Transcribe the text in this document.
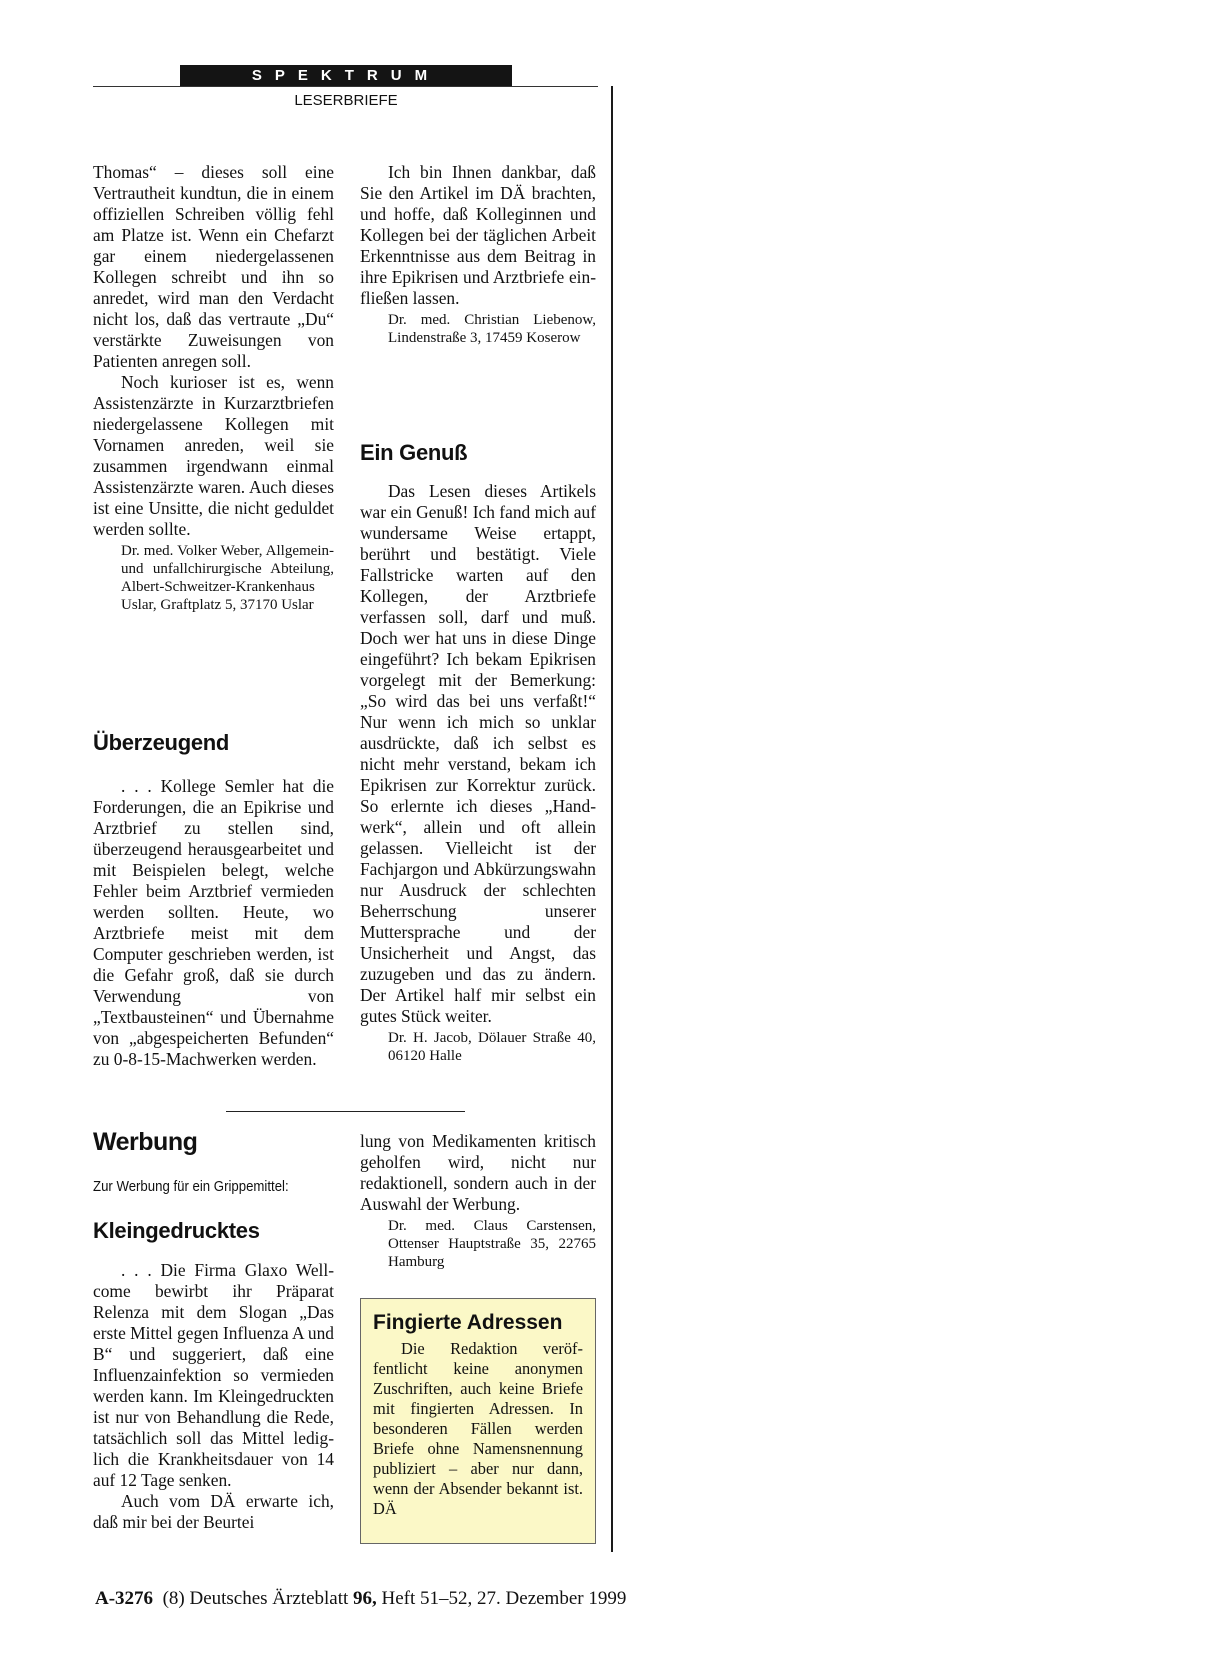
SPEKTRUM
LESERBRIEFE

Thomas“ – dieses soll eine Vertrautheit kundtun, die in einem offiziellen Schreiben völlig fehl am Platze ist. Wenn ein Chefarzt gar einem niedergelassenen Kollegen schreibt und ihn so anredet, wird man den Verdacht nicht los, daß das vertraute „Du“ verstärkte Zuweisungen von Patienten anregen soll.

Noch kurioser ist es, wenn Assistenzärzte in Kurzarztbriefen niedergelassene Kollegen mit Vornamen anreden, weil sie zusammen irgendwann einmal Assistenzärzte waren. Auch dieses ist eine Unsitte, die nicht geduldet werden sollte.

Dr. med. Volker Weber, Allgemein- und unfallchirurgische Abteilung, Albert-Schweitzer-Krankenhaus Uslar, Graftplatz 5, 37170 Uslar
Überzeugend

. . . Kollege Semler hat die Forderungen, die an Epikrise und Arztbrief zu stellen sind, überzeugend herausgearbeitet und mit Beispielen belegt, welche Fehler beim Arztbrief vermieden werden sollten. Heute, wo Arztbriefe meist mit dem Computer geschrieben werden, ist die Gefahr groß, daß sie durch Verwendung von „Textbausteinen“ und Übernahme von „abgespeicherten Befunden“ zu 0-8-15-Machwerken werden.

Ich bin Ihnen dankbar, daß Sie den Artikel im DÄ brachten, und hoffe, daß Kolleginnen und Kollegen bei der täglichen Arbeit Erkenntnisse aus dem Beitrag in ihre Epikrisen und Arztbriefe einfließen lassen.

Dr. med. Christian Liebenow, Lindenstraße 3, 17459 Koserow
Ein Genuß

Das Lesen dieses Artikels war ein Genuß! Ich fand mich auf wundersame Weise ertappt, berührt und bestätigt. Viele Fallstricke warten auf den Kollegen, der Arztbriefe verfassen soll, darf und muß. Doch wer hat uns in diese Dinge eingeführt? Ich bekam Epikrisen vorgelegt mit der Bemerkung: „So wird das bei uns verfaßt!“ Nur wenn ich mich so unklar ausdrückte, daß ich selbst es nicht mehr verstand, bekam ich Epikrisen zur Korrektur zurück. So erlernte ich dieses „Handwerk“, allein und oft allein gelassen. Vielleicht ist der Fachjargon und Abkürzungswahn nur Ausdruck der schlechten Beherrschung unserer Muttersprache und der Unsicherheit und Angst, das zuzugeben und das zu ändern. Der Artikel half mir selbst ein gutes Stück weiter.

Dr. H. Jacob, Dölauer Straße 40, 06120 Halle
Werbung
Zur Werbung für ein Grippemittel:
Kleingedrucktes

. . . Die Firma Glaxo Wellcome bewirbt ihr Präparat Relenza mit dem Slogan „Das erste Mittel gegen Influenza A und B“ und suggeriert, daß eine Influenzainfektion so vermieden werden kann. Im Kleingedruckten ist nur von Behandlung die Rede, tatsächlich soll das Mittel lediglich die Krankheitsdauer von 14 auf 12 Tage senken.

Auch vom DÄ erwarte ich, daß mir bei der Beurtei

lung von Medikamenten kritisch geholfen wird, nicht nur redaktionell, sondern auch in der Auswahl der Werbung.

Dr. med. Claus Carstensen, Ottenser Hauptstraße 35, 22765 Hamburg
Fingierte Adressen

Die Redaktion veröffentlicht keine anonymen Zuschriften, auch keine Briefe mit fingierten Adressen. In besonderen Fällen werden Briefe ohne Namensnennung publiziert – aber nur dann, wenn der Absender bekannt ist. DÄ

A-3276 (8) Deutsches Ärzteblatt 96, Heft 51–52, 27. Dezember 1999
